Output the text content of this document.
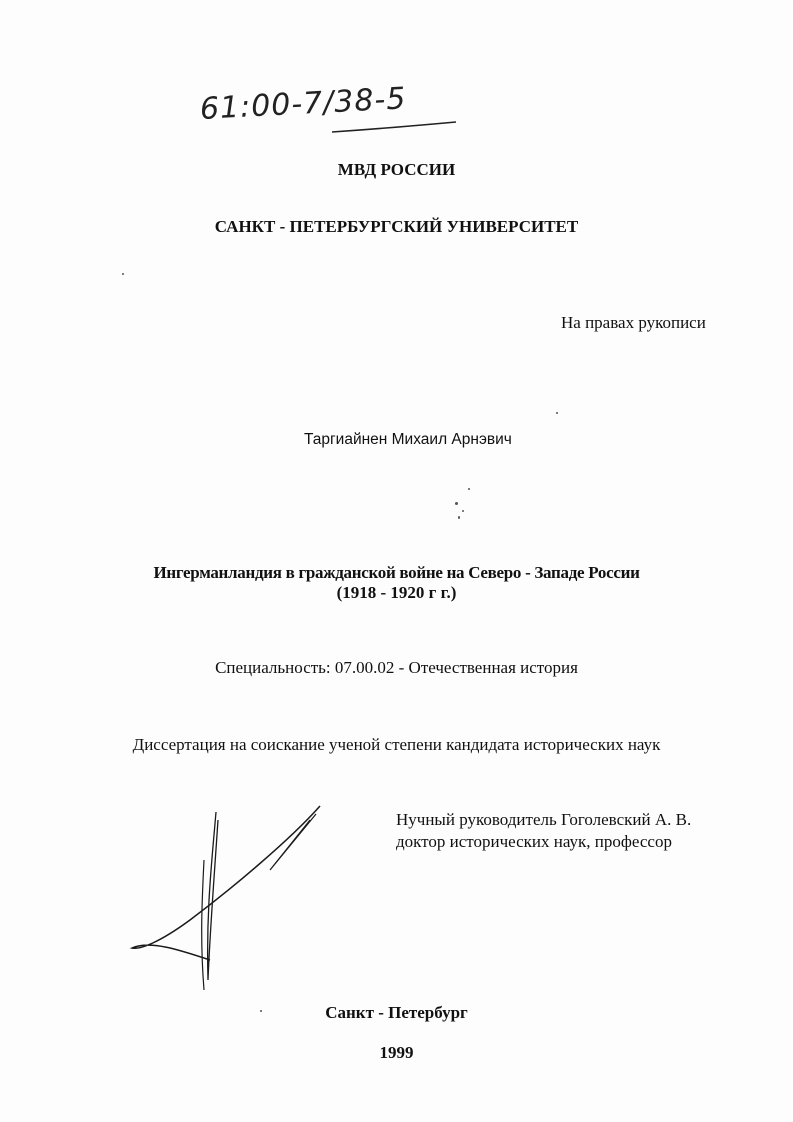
61:00-7/38-5
МВД РОССИИ
САНКТ - ПЕТЕРБУРГСКИЙ УНИВЕРСИТЕТ
На правах рукописи
Таргиайнен Михаил Арнэвич
Ингерманландия в гражданской войне на Северо - Западе России
(1918 - 1920 г г.)
Специальность: 07.00.02 - Отечественная история
Диссертация на соискание ученой степени кандидата исторических наук
Нучный руководитель Гоголевский А. В.
доктор исторических наук, профессор
Санкт - Петербург
1999
